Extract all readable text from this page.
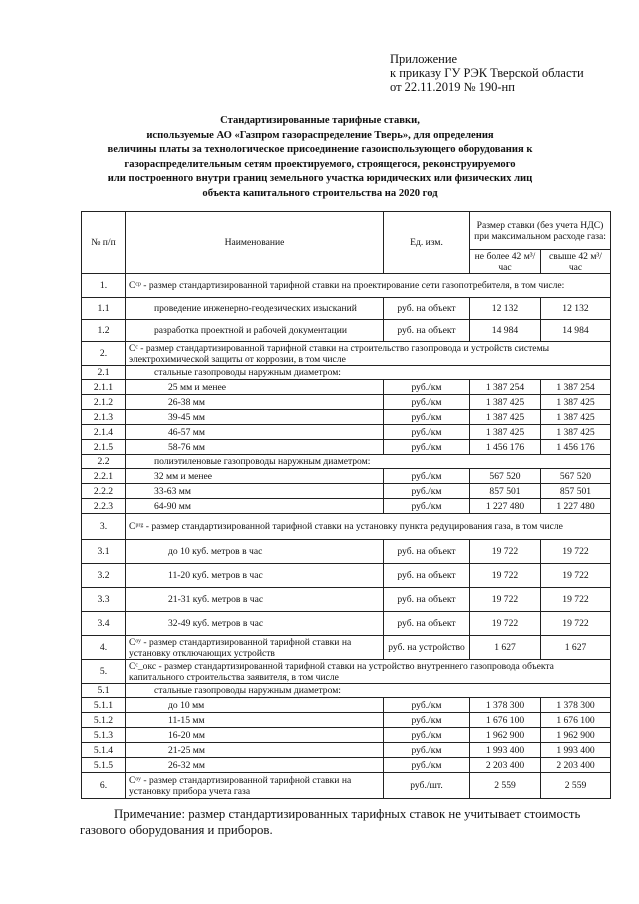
Приложение
к приказу ГУ РЭК Тверской области
от 22.11.2019 № 190-нп
Стандартизированные тарифные ставки,
используемые АО «Газпром газораспределение Тверь», для определения
величины платы за технологическое присоединение газоиспользующего оборудования к
газораспределительным сетям проектируемого, строящегося, реконструируемого
или построенного внутри границ земельного участка юридических или физических лиц
объекта капитального строительства на 2020 год
№ п/п	Наименование	Ед. изм.	Размер ставки (без учета НДС) при максимальном расходе газа:	
			не более 42 м³/час	свыше 42 м³/час
1.	Cᶜᵖ - размер стандартизированной тарифной ставки на проектирование сети газопотребителя, в том числе:			
1.1	проведение инженерно-геодезических изысканий	руб. на объект	12 132	12 132
1.2	разработка проектной и рабочей документации	руб. на объект	14 984	14 984
2.	Cᶜ - размер стандартизированной тарифной ставки на строительство газопровода и устройств системы электрохимической защиты от коррозии, в том числе			
2.1	стальные газопроводы наружным диаметром:			
2.1.1	25 мм и менее	руб./км	1 387 254	1 387 254
2.1.2	26-38 мм	руб./км	1 387 425	1 387 425
2.1.3	39-45 мм	руб./км	1 387 425	1 387 425
2.1.4	46-57 мм	руб./км	1 387 425	1 387 425
2.1.5	58-76 мм	руб./км	1 456 176	1 456 176
2.2	полиэтиленовые газопроводы наружным диаметром:			
2.2.1	32 мм и менее	руб./км	567 520	567 520
2.2.2	33-63 мм	руб./км	857 501	857 501
2.2.3	64-90 мм	руб./км	1 227 480	1 227 480
3.	Cᵖʳᵍ - размер стандартизированной тарифной ставки на установку пункта редуцирования газа, в том числе			
3.1	до 10 куб. метров в час	руб. на объект	19 722	19 722
3.2	11-20 куб. метров в час	руб. на объект	19 722	19 722
3.3	21-31 куб. метров в час	руб. на объект	19 722	19 722
3.4	32-49 куб. метров в час	руб. на объект	19 722	19 722
4.	Cᵒʸ - размер стандартизированной тарифной ставки на установку отключающих устройств	руб. на устройство	1 627	1 627
5.	Cᶜ_окс - размер стандартизированной тарифной ставки на устройство внутреннего газопровода объекта капитального строительства заявителя, в том числе			
5.1	стальные газопроводы наружным диаметром:			
5.1.1	до 10 мм	руб./км	1 378 300	1 378 300
5.1.2	11-15 мм	руб./км	1 676 100	1 676 100
5.1.3	16-20 мм	руб./км	1 962 900	1 962 900
5.1.4	21-25 мм	руб./км	1 993 400	1 993 400
5.1.5	26-32 мм	руб./км	2 203 400	2 203 400
6.	Cᵒʸ - размер стандартизированной тарифной ставки на установку прибора учета газа	руб./шт.	2 559	2 559
Примечание: размер стандартизированных тарифных ставок не учитывает стоимость газового оборудования и приборов.
